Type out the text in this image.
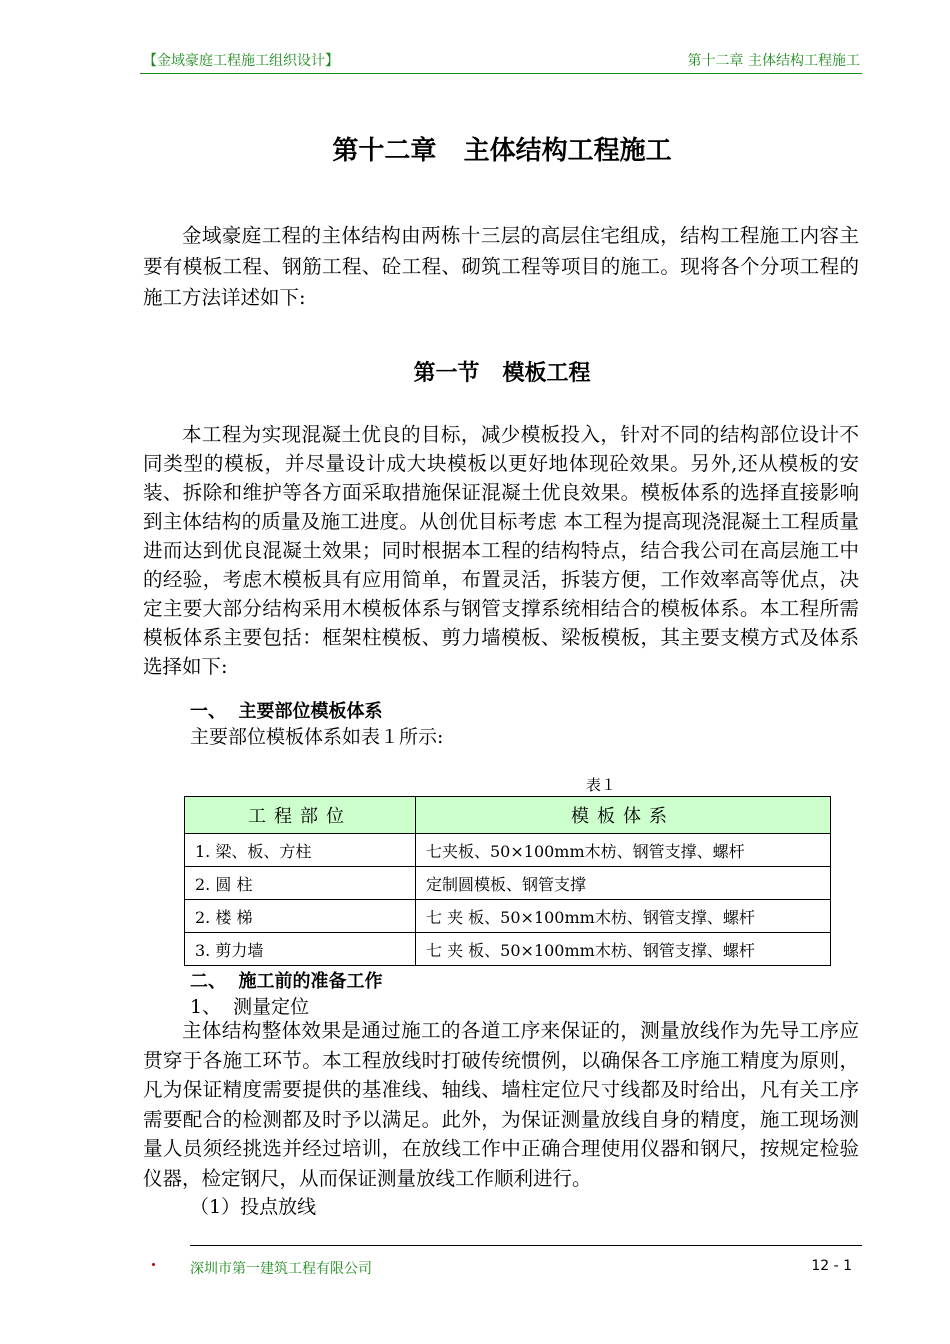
【金域豪庭工程施工组织设计】	第十二章 主体结构工程施工
第十二章   主体结构工程施工

金域豪庭工程的主体结构由两栋十三层的高层住宅组成，结构工程施工内容主要有模板工程、钢筋工程、砼工程、砌筑工程等项目的施工。现将各个分项工程的施工方法详述如下:

第一节   模板工程

本工程为实现混凝土优良的目标，减少模板投入，针对不同的结构部位设计不同类型的模板，并尽量设计成大块模板以更好地体现砼效果。另外,还从模板的安装、拆除和维护等各方面采取措施保证混凝土优良效果。模板体系的选择直接影响到主体结构的质量及施工进度。从创优目标考虑 本工程为提高现浇混凝土工程质量进而达到优良混凝土效果；同时根据本工程的结构特点，结合我公司在高层施工中的经验，考虑木模板具有应用简单，布置灵活，拆装方便，工作效率高等优点，决定主要大部分结构采用木模板体系与钢管支撑系统相结合的模板体系。本工程所需模板体系主要包括：框架柱模板、剪力墙模板、梁板模板，其主要支模方式及体系选择如下:

一、  主要部位模板体系
主要部位模板体系如表１所示:
表１
工程部位	模板体系
1. 梁、板、方柱	七夹板、50×100mm木枋、钢管支撑、螺杆
2. 圆 柱	定制圆模板、钢管支撑
2. 楼 梯	七 夹 板、50×100mm木枋、钢管支撑、螺杆
3. 剪力墙	七 夹 板、50×100mm木枋、钢管支撑、螺杆
二、  施工前的准备工作
1、  测量定位

主体结构整体效果是通过施工的各道工序来保证的，测量放线作为先导工序应贯穿于各施工环节。本工程放线时打破传统惯例，以确保各工序施工精度为原则，凡为保证精度需要提供的基准线、轴线、墙柱定位尺寸线都及时给出，凡有关工序需要配合的检测都及时予以满足。此外，为保证测量放线自身的精度，施工现场测量人员须经挑选并经过培训，在放线工作中正确合理使用仪器和钢尺，按规定检验仪器，检定钢尺，从而保证测量放线工作顺利进行。

（1）投点放线
深圳市第一建筑工程有限公司	12 - 1
